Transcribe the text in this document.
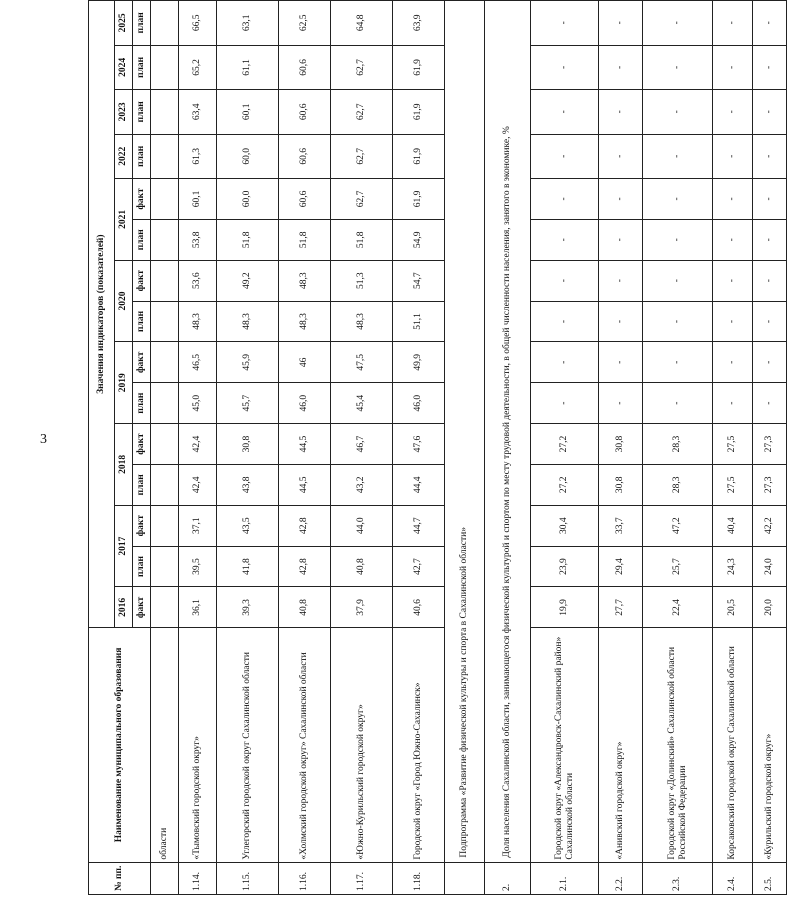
3
№ пп.	Наименование муниципального образования	Значения индикаторов (показателей)														
		2016	2017		2018		2019		2020		2021		2022	2023	2024	2025
		факт	план	факт	план	факт	план	факт	план	факт	план	факт	план	план	план	план
	области															
1.14.	«Тымовский городской округ»	36,1	39,5	37,1	42,4	42,4	45,0	46,5	48,3	53,6	53,8	60,1	61,3	63,4	65,2	66,5
1.15.	Углегорский городской округ Сахалинской области	39,3	41,8	43,5	43,8	30,8	45,7	45,9	48,3	49,2	51,8	60,0	60,0	60,1	61,1	63,1
1.16.	«Холмский городской округ» Сахалинской области	40,8	42,8	42,8	44,5	44,5	46,0	46	48,3	48,3	51,8	60,6	60,6	60,6	60,6	62,5
1.17.	«Южно-Курильский городской округ»	37,9	40,8	44,0	43,2	46,7	45,4	47,5	48,3	51,3	51,8	62,7	62,7	62,7	62,7	64,8
1.18.	Городской округ «Город Южно-Сахалинск»	40,6	42,7	44,7	44,4	47,6	46,0	49,9	51,1	54,7	54,9	61,9	61,9	61,9	61,9	63,9
	Подпрограмма «Развитие физической культуры и спорта в Сахалинской области»															
2.	Доля населения Сахалинской области, занимающегося физической культурой и спортом по месту трудовой деятельности, в общей численности населения, занятого в экономике, %															
2.1.	Городской округ «Александровск-Сахалинский район» Сахалинской области	19,9	23,9	30,4	27,2	27,2	-	-	-	-	-	-	-	-	-	-
2.2.	«Анивский городской округ»	27,7	29,4	33,7	30,8	30,8	-	-	-	-	-	-	-	-	-	-
2.3.	Городской округ «Долинский» Сахалинской области Российской Федерации	22,4	25,7	47,2	28,3	28,3	-	-	-	-	-	-	-	-	-	-
2.4.	Корсаковский городской округ Сахалинской области	20,5	24,3	40,4	27,5	27,5	-	-	-	-	-	-	-	-	-	-
2.5.	«Курильский городской округ»	20,0	24,0	42,2	27,3	27,3	-	-	-	-	-	-	-	-	-	-
